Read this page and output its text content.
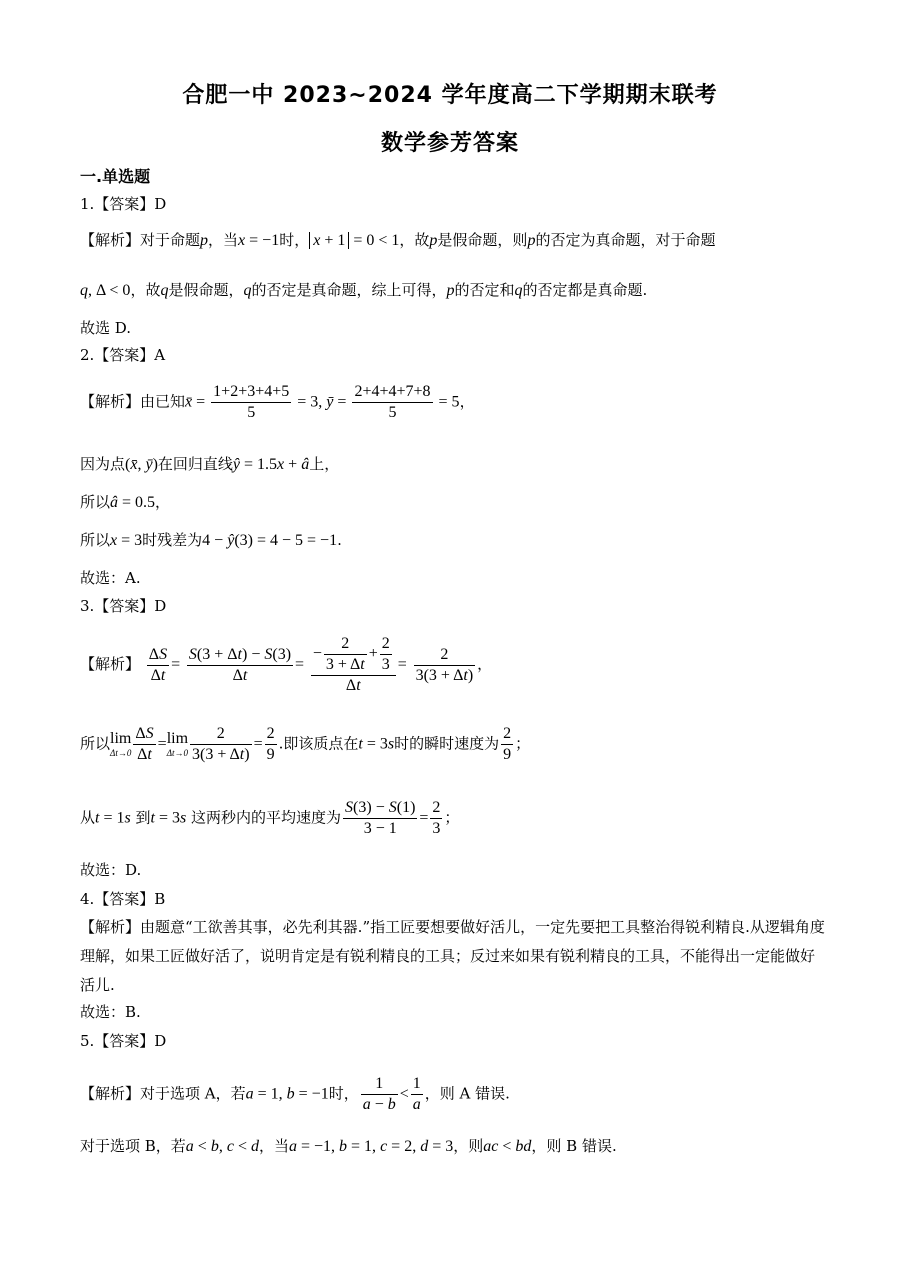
合肥一中 2023~2024 学年度高二下学期期末联考
数学参芳答案
一.单选题
1.【答案】D
【解析】对于命题p，当x = −1时， x + 1 = 0 < 1，故p是假命题，则p的否定为真命题，对于命题
q, Δ < 0，故q是假命题，q的否定是真命题，综上可得，p的否定和q的否定都是真命题.
故选 D.
2.【答案】A
【解析】由已知x̄ = $\frac{1+2+3+4+5}{5} = 3$, ȳ = $\frac{2+4+4+7+8}{5} = 5$，
因为点(x̄, ȳ)在回归直线ŷ = 1.5x + â上，
所以â = 0.5，
所以x = 3时残差为4 − ŷ(3) = 4 − 5 = −1.
故选：A.
3.【答案】D
【解析】 $\frac{\Delta S}{\Delta t} = \frac{S(3 + \Delta t) - S(3)}{\Delta t} = \frac{- \frac{2}{3 + \Delta t} + \frac{2}{3}}{\Delta t} = \frac{2}{3(3 + \Delta t)}$ ，
所以lim
$\Delta t\to 0 \frac{\Delta S}{\Delta t} =\lim$
$\Delta t\to 0 \frac{2}{3(3 + \Delta t)} = \frac{2}{9}$ .即该质点在t = 3s时的瞬时速度为 $\frac{2}{9}$ ；
从t = 1s 到t = 3s 这两秒内的平均速度为 $\frac{S(3) - S(1)}{3 - 1} = \frac{2}{3}$ ；
故选：D.
4.【答案】B
【解析】由题意“工欲善其事，必先利其器.”指工匠要想要做好活儿，一定先要把工具整治得锐利精良.从逻辑角度理解，如果工匠做好活了，说明肯定是有锐利精良的工具；反过来如果有锐利精良的工具，不能得出一定能做好活儿.
故选：B.
5.【答案】D
【解析】对于选项 A，若a = 1, b = −1时， $\frac{1}{a - b} < \frac{1}{a}$ ，则 A 错误.
对于选项 B，若a < b, c < d，当a = −1, b = 1, c = 2, d = 3，则ac < bd，则 B 错误.
